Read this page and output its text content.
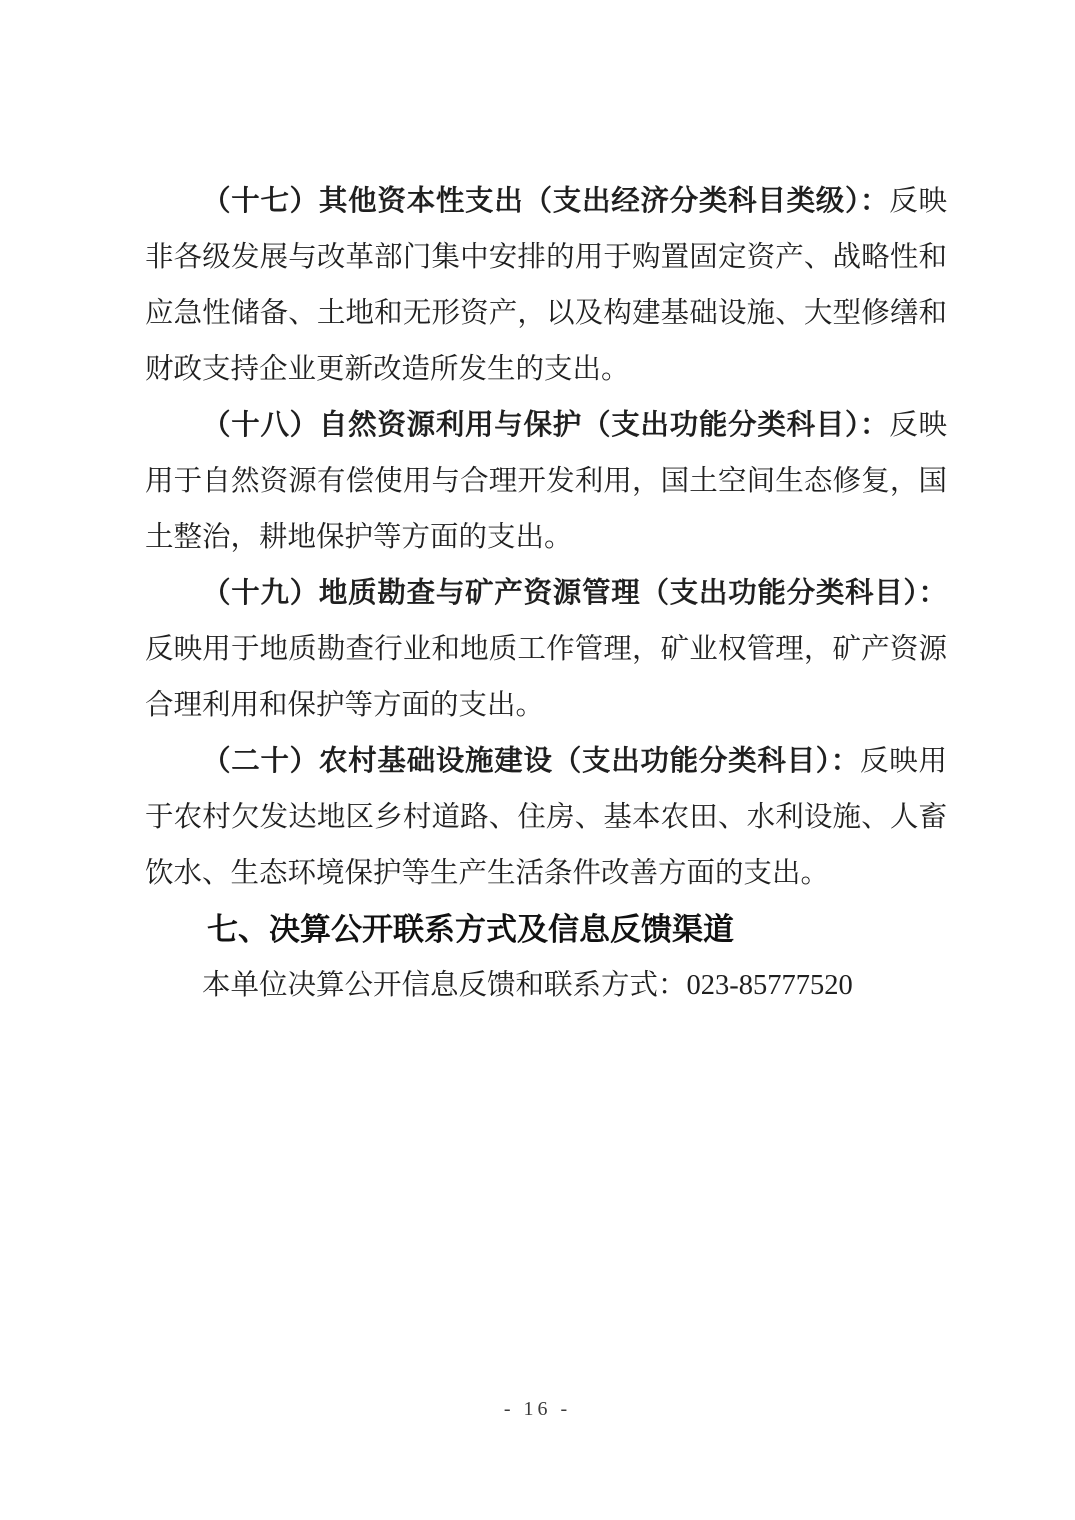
（十七）其他资本性支出（支出经济分类科目类级）：反映非各级发展与改革部门集中安排的用于购置固定资产、战略性和应急性储备、土地和无形资产，以及构建基础设施、大型修缮和财政支持企业更新改造所发生的支出。

（十八）自然资源利用与保护（支出功能分类科目）：反映用于自然资源有偿使用与合理开发利用，国土空间生态修复，国土整治，耕地保护等方面的支出。

（十九）地质勘查与矿产资源管理（支出功能分类科目）：反映用于地质勘查行业和地质工作管理，矿业权管理，矿产资源合理利用和保护等方面的支出。

（二十）农村基础设施建设（支出功能分类科目）：反映用于农村欠发达地区乡村道路、住房、基本农田、水利设施、人畜饮水、生态环境保护等生产生活条件改善方面的支出。

七、决算公开联系方式及信息反馈渠道

本单位决算公开信息反馈和联系方式：023-85777520

- 16 -
